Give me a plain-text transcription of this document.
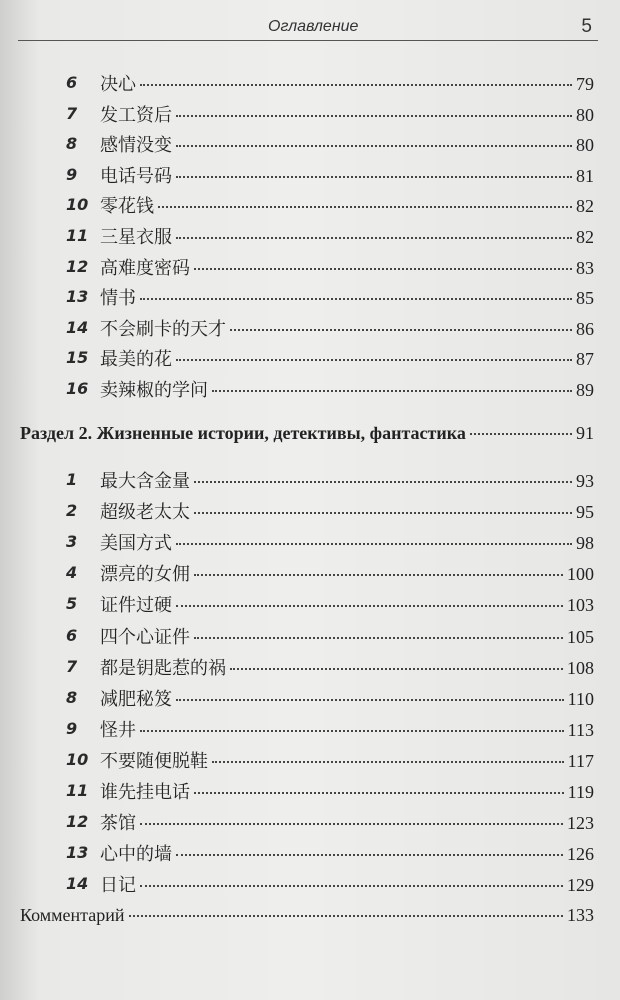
Оглавление	5
6	决心	79
7	发工资后	80
8	感情没变	80
9	电话号码	81
10 零花钱	82
11 三星衣服	82
12 高难度密码	83
13 情书	85
14 不会刷卡的天才	86
15 最美的花	87
16 卖辣椒的学问	89
Раздел 2. Жизненные истории, детективы, фантастика	91
1	最大含金量	93
2	超级老太太	95
3	美国方式	98
4	漂亮的女佣	100
5	证件过硬	103
6	四个心证件	105
7	都是钥匙惹的祸	108
8	减肥秘笈	110
9	怪井	113
10 不要随便脱鞋	117
11 谁先挂电话	119
12 茶馆	123
13 心中的墙	126
14 日记	129
Комментарий	133
